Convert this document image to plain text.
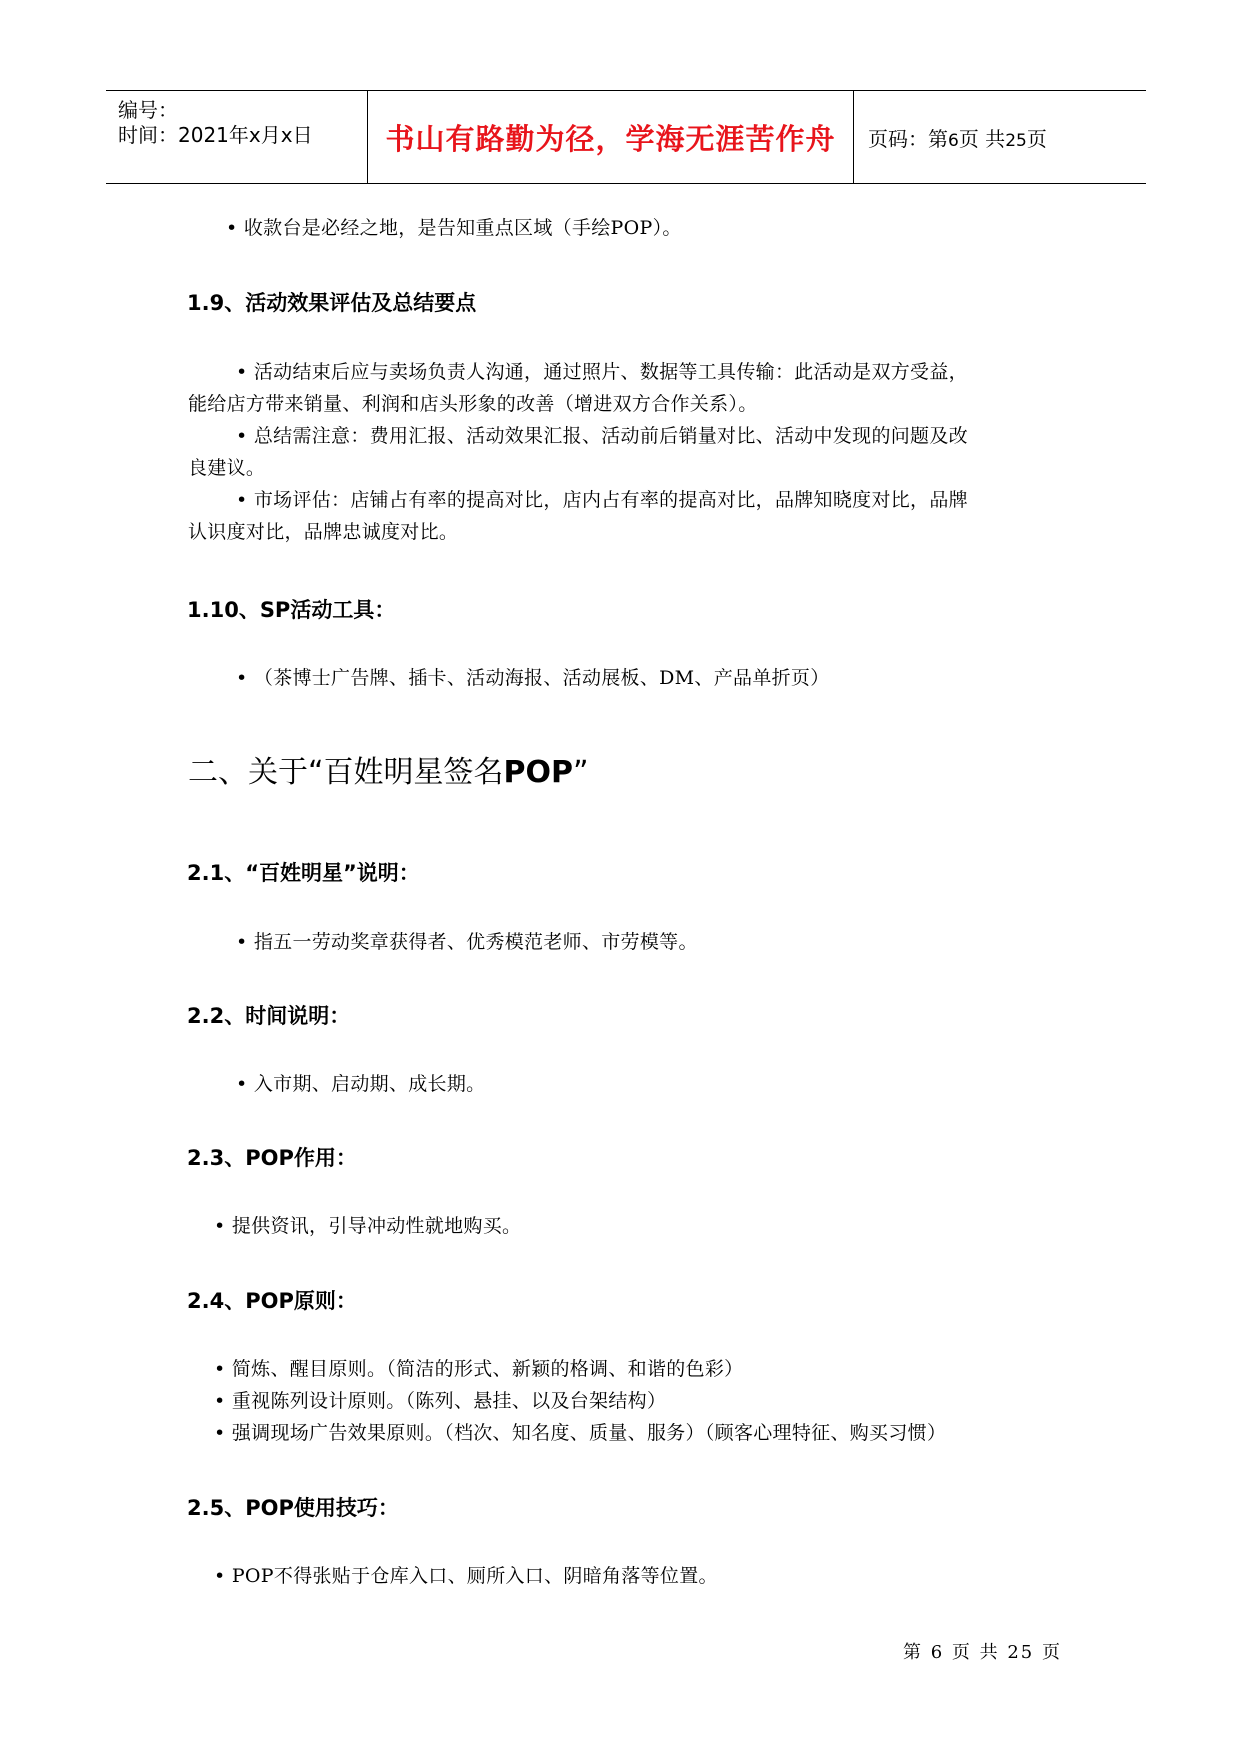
编号：
时间：2021年x月x日	书山有路勤为径，学海无涯苦作舟 页码：第6页 共25页
• 收款台是必经之地，是告知重点区域（手绘POP）。
1.9、活动效果评估及总结要点
• 活动结束后应与卖场负责人沟通，通过照片、数据等工具传输：此活动是双方受益，
能给店方带来销量、利润和店头形象的改善（增进双方合作关系）。
• 总结需注意：费用汇报、活动效果汇报、活动前后销量对比、活动中发现的问题及改
良建议。
• 市场评估：店铺占有率的提高对比，店内占有率的提高对比，品牌知晓度对比，品牌
认识度对比，品牌忠诚度对比。
1.10、SP活动工具：
• （茶博士广告牌、插卡、活动海报、活动展板、DM、产品单折页）
二、关于“百姓明星签名POP”
2.1、“百姓明星”说明：
• 指五一劳动奖章获得者、优秀模范老师、市劳模等。
2.2、时间说明：
• 入市期、启动期、成长期。
2.3、POP作用：
• 提供资讯，引导冲动性就地购买。
2.4、POP原则：
• 简炼、醒目原则。（简洁的形式、新颖的格调、和谐的色彩）
• 重视陈列设计原则。（陈列、悬挂、以及台架结构）
• 强调现场广告效果原则。（档次、知名度、质量、服务）（顾客心理特征、购买习惯）
2.5、POP使用技巧：
• POP不得张贴于仓库入口、厕所入口、阴暗角落等位置。
第 6 页 共 25 页
